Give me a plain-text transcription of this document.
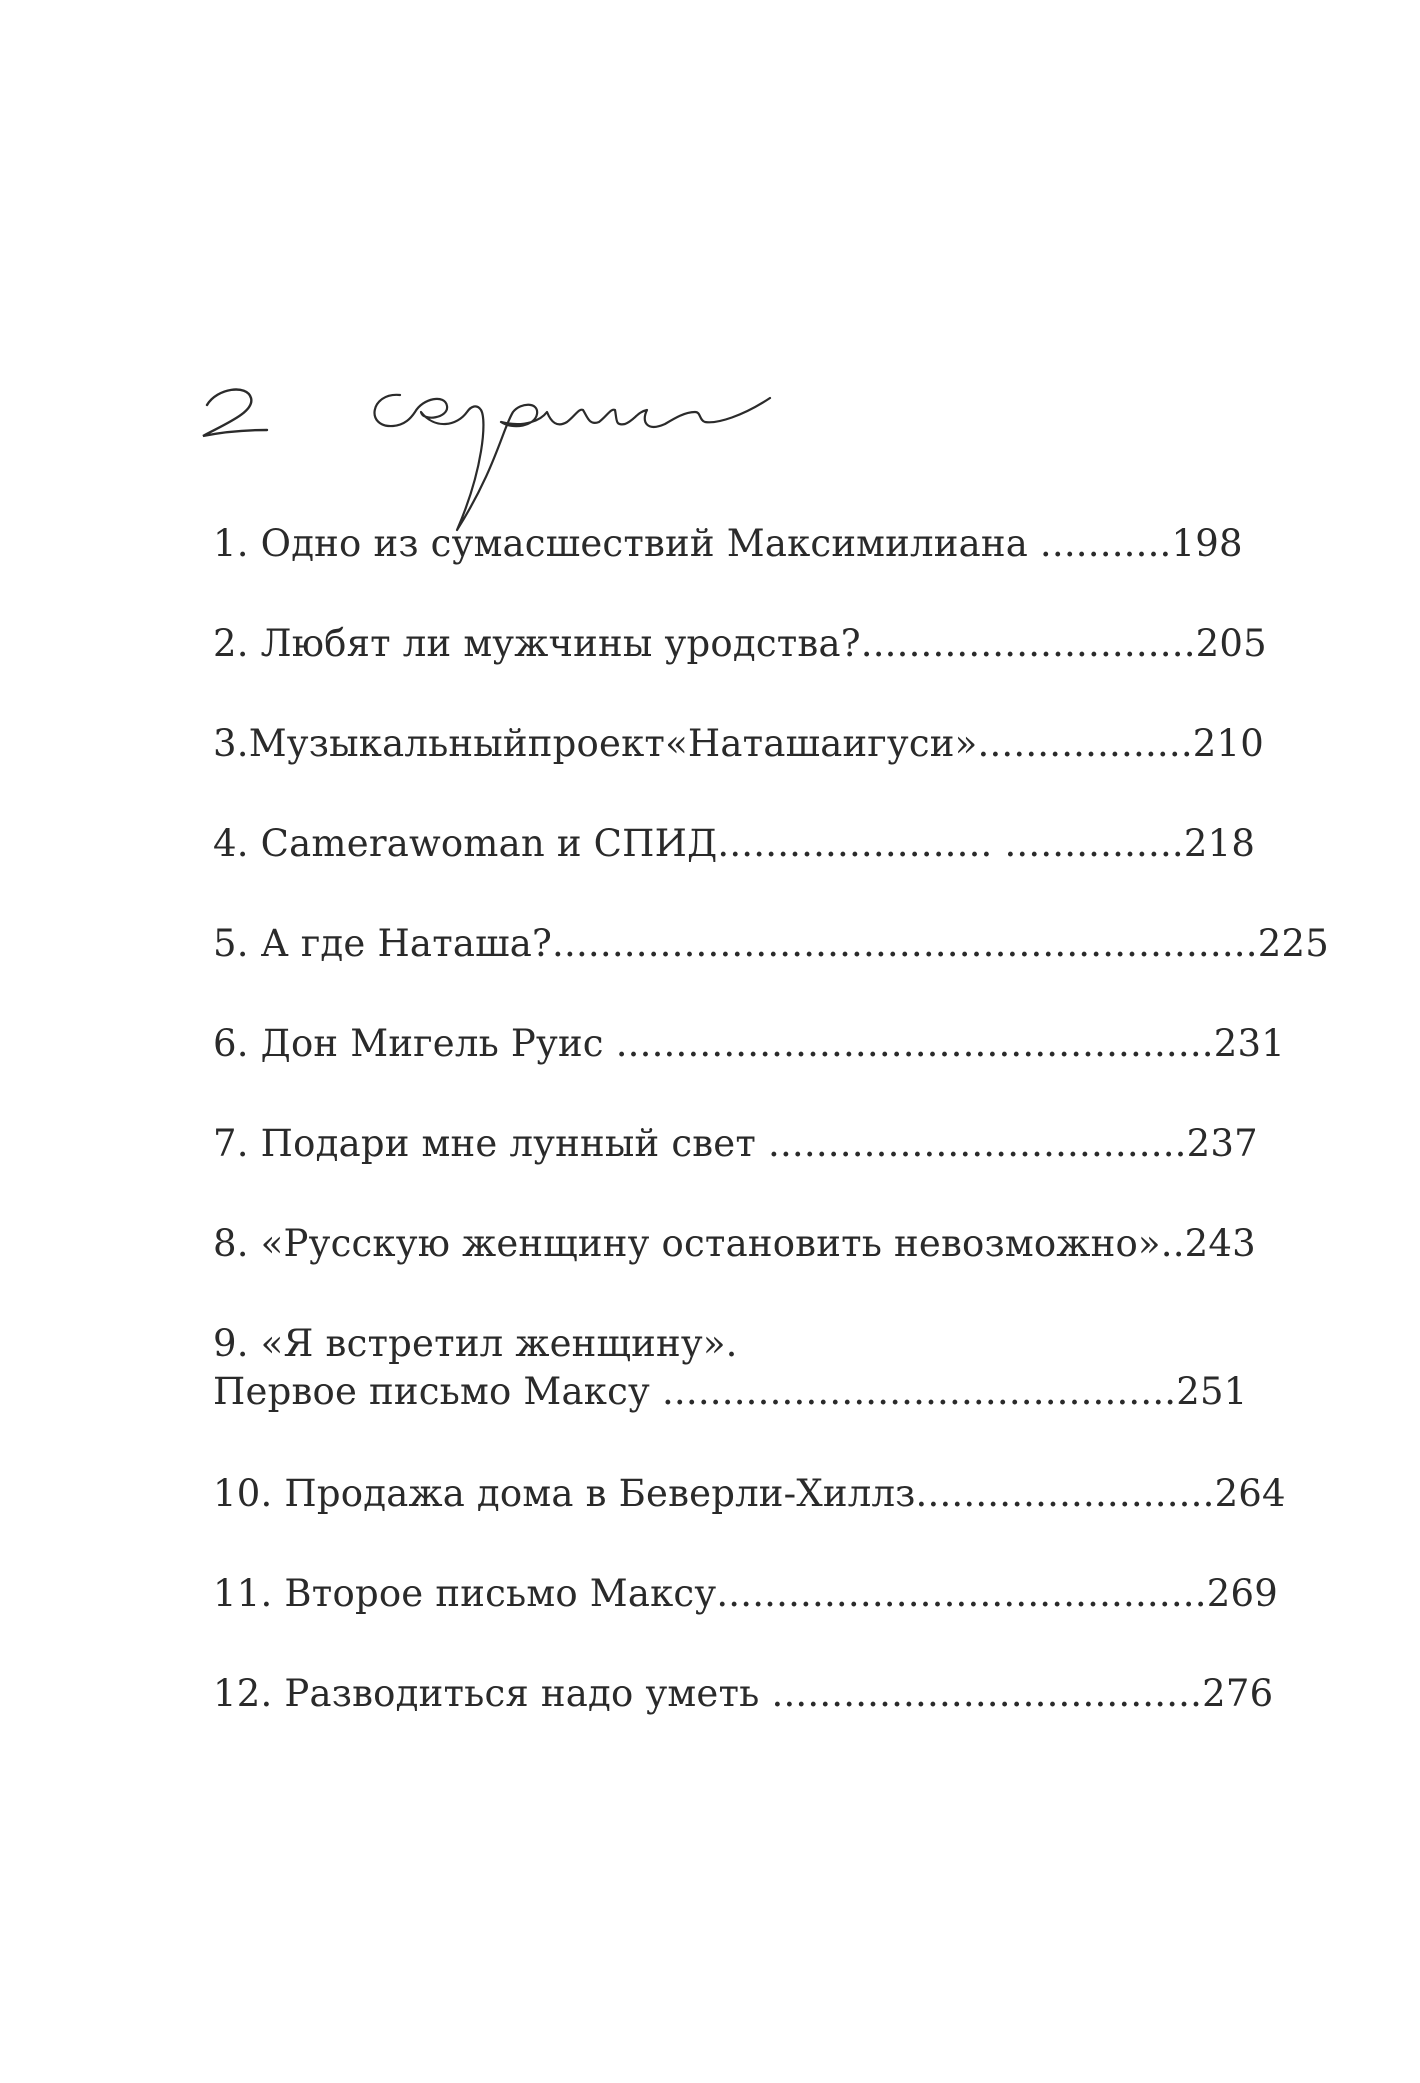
1. Одно из сумасшествий Максимилиана ...........198
2. Любят ли мужчины уродства?............................205
3.Музыкальныйпроект«Наташаигуси»..................210
4. Camerawoman и СПИД....................... ...............218
5. А где Наташа?...........................................................225
6. Дон Мигель Руис ..................................................231
7. Подари мне лунный свет ...................................237
8. «Русскую женщину остановить невозможно»..243
9. «Я встретил женщину».
Первое письмо Максу ...........................................251
10. Продажа дома в Беверли-Хиллз.........................264
11. Второе письмо Максу.........................................269
12. Разводиться надо уметь ....................................276
